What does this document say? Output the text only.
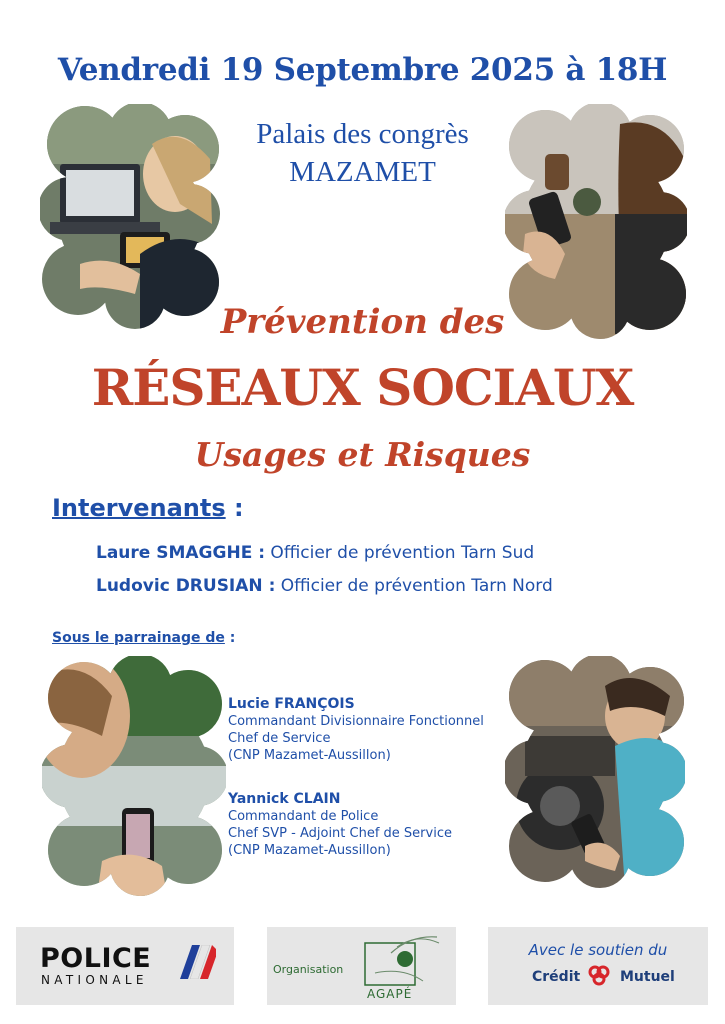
Vendredi 19 Septembre 2025 à 18H
Palais des congrès
MAZAMET
Prévention des
RÉSEAUX SOCIAUX
Usages et Risques
Intervenants :
Laure SMAGGHE : Officier de prévention Tarn Sud
Ludovic DRUSIAN : Officier de prévention Tarn Nord
Sous le parrainage de :
Lucie FRANÇOIS
Commandant Divisionnaire Fonctionnel
Chef de Service
(CNP Mazamet-Aussillon)
Yannick CLAIN
Commandant de Police
Chef SVP - Adjoint Chef de Service
(CNP Mazamet-Aussillon)
POLICE
NATIONALE
Organisation
AGAPÉ
Avec le soutien du
Crédit	Mutuel
